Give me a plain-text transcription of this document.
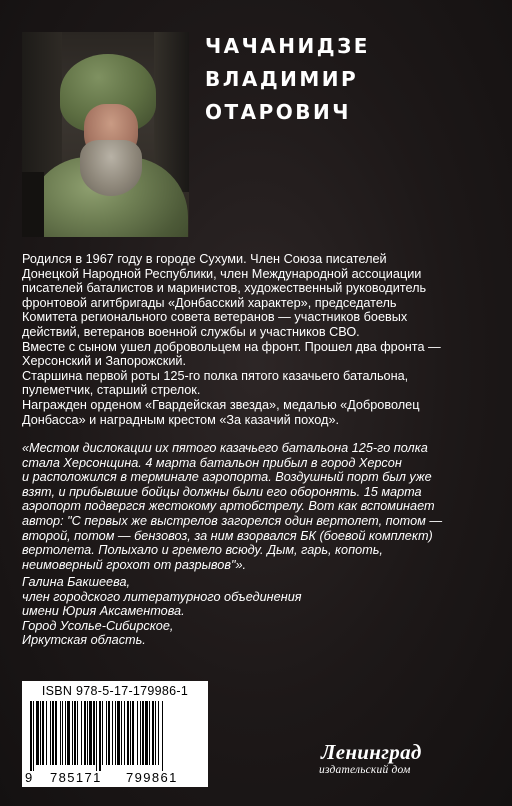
ЧАЧАНИДЗЕ
ВЛАДИМИР
ОТАРОВИЧ
Родился в 1967 году в городе Сухуми. Член Союза писателей
Донецкой Народной Республики, член Международной ассоциации
писателей баталистов и маринистов, художественный руководитель
фронтовой агитбригады «Донбасский характер», председатель
Комитета регионального совета ветеранов — участников боевых
действий, ветеранов военной службы и участников СВО.
Вместе с сыном ушел добровольцем на фронт. Прошел два фронта —
Херсонский и Запорожский.
Старшина первой роты 125-го полка пятого казачьего батальона,
пулеметчик, старший стрелок.
Награжден орденом «Гвардейская звезда», медалью «Доброволец
Донбасса» и наградным крестом «За казачий поход».
«Местом дислокации их пятого казачьего батальона 125-го полка
стала Херсонщина. 4 марта батальон прибыл в город Херсон
и расположился в терминале аэропорта. Воздушный порт был уже
взят, и прибывшие бойцы должны были его оборонять. 15 марта
аэропорт подвергся жестокому артобстрелу. Вот как вспоминает
автор: "С первых же выстрелов загорелся один вертолет, потом —
второй, потом — бензовоз, за ним взорвался БК (боевой комплект)
вертолета. Полыхало и гремело всюду. Дым, гарь, копоть,
неимоверный грохот от разрывов"».
Галина Бакшеева,
член городского литературного объединения
имени Юрия Аксаментова.
Город Усолье-Сибирское,
Иркутская область.
ISBN 978-5-17-179986-1
9 785171 799861
Ленинград
издательский дом
